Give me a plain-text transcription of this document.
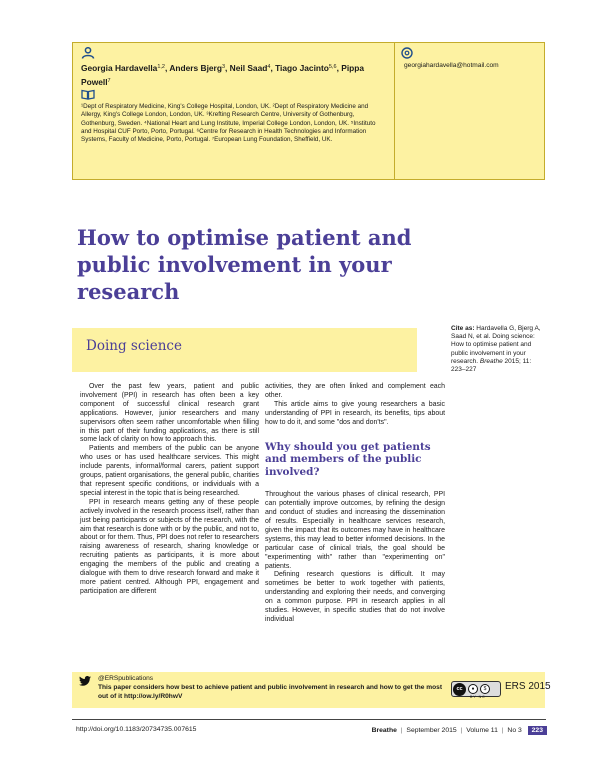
Georgia Hardavella$^{1,2}$, Anders Bjerg$^3$, Neil Saad$^4$, Tiago Jacinto$^{5,6}$, Pippa Powell$^7$
¹Dept of Respiratory Medicine, King's College Hospital, London, UK. ²Dept of Respiratory Medicine and Allergy, King's College London, London, UK. ³Krefting Research Centre, University of Gothenburg, Gothenburg, Sweden. ⁴National Heart and Lung Institute, Imperial College London, London, UK. ⁵Instituto and Hospital CUF Porto, Porto, Portugal. ⁶Centre for Research in Health Technologies and Information Systems, Faculty of Medicine, Porto, Portugal. ⁷European Lung Foundation, Sheffield, UK.
georgiahardavella@hotmail.com
How to optimise patient and public involvement in your research
Doing science
Cite as: Hardavella G, Bjerg A, Saad N, et al. Doing science: How to optimise patient and public involvement in your research. Breathe 2015; 11: 223–227

Over the past few years, patient and public involvement (PPI) in research has often been a key component of successful clinical research grant applications. However, junior researchers and many supervisors often seem rather uncomfortable when filling in this part of their funding applications, as there is still some lack of clarity on how to approach this.

Patients and members of the public can be anyone who uses or has used healthcare services. This might include parents, informal/formal carers, patient support groups, patient organisations, the general public, charities that represent specific conditions, or individuals with a special interest in the topic that is being researched.

PPI in research means getting any of these people actively involved in the research process itself, rather than just being participants or subjects of the research, with the aim that research is done with or by the public, and not to, about or for them. Thus, PPI does not refer to researchers raising awareness of research, sharing knowledge or recruiting patients as participants, it is more about engaging the members of the public and creating a dialogue with them to drive research forward and make it more patient centred. Although PPI, engagement and participation are different

activities, they are often linked and complement each other.

This article aims to give young researchers a basic understanding of PPI in research, its benefits, tips about how to do it, and some "dos and don'ts".

Why should you get patients and members of the public involved?

Throughout the various phases of clinical research, PPI can potentially improve outcomes, by refining the design and conduct of studies and increasing the dissemination of results. Especially in healthcare services research, given the impact that its outcomes may have in healthcare systems, this may lead to better informed decisions. In the particular case of clinical trials, the goal should be "experimenting with" rather than "experimenting on" patients.

Defining research questions is difficult. It may sometimes be better to work together with patients, understanding and exploring their needs, and converging on a common purpose. PPI in research applies in all studies. However, in specific studies that do not involve individual

@ERSpublications
This paper considers how best to achieve patient and public involvement in research and how to get the most out of it http://ow.ly/R0hwV
cc	●	$
BY NC
ERS 2015
http://doi.org/10.1183/20734735.007615	Breathe | September 2015 | Volume 11 | No 3 223
